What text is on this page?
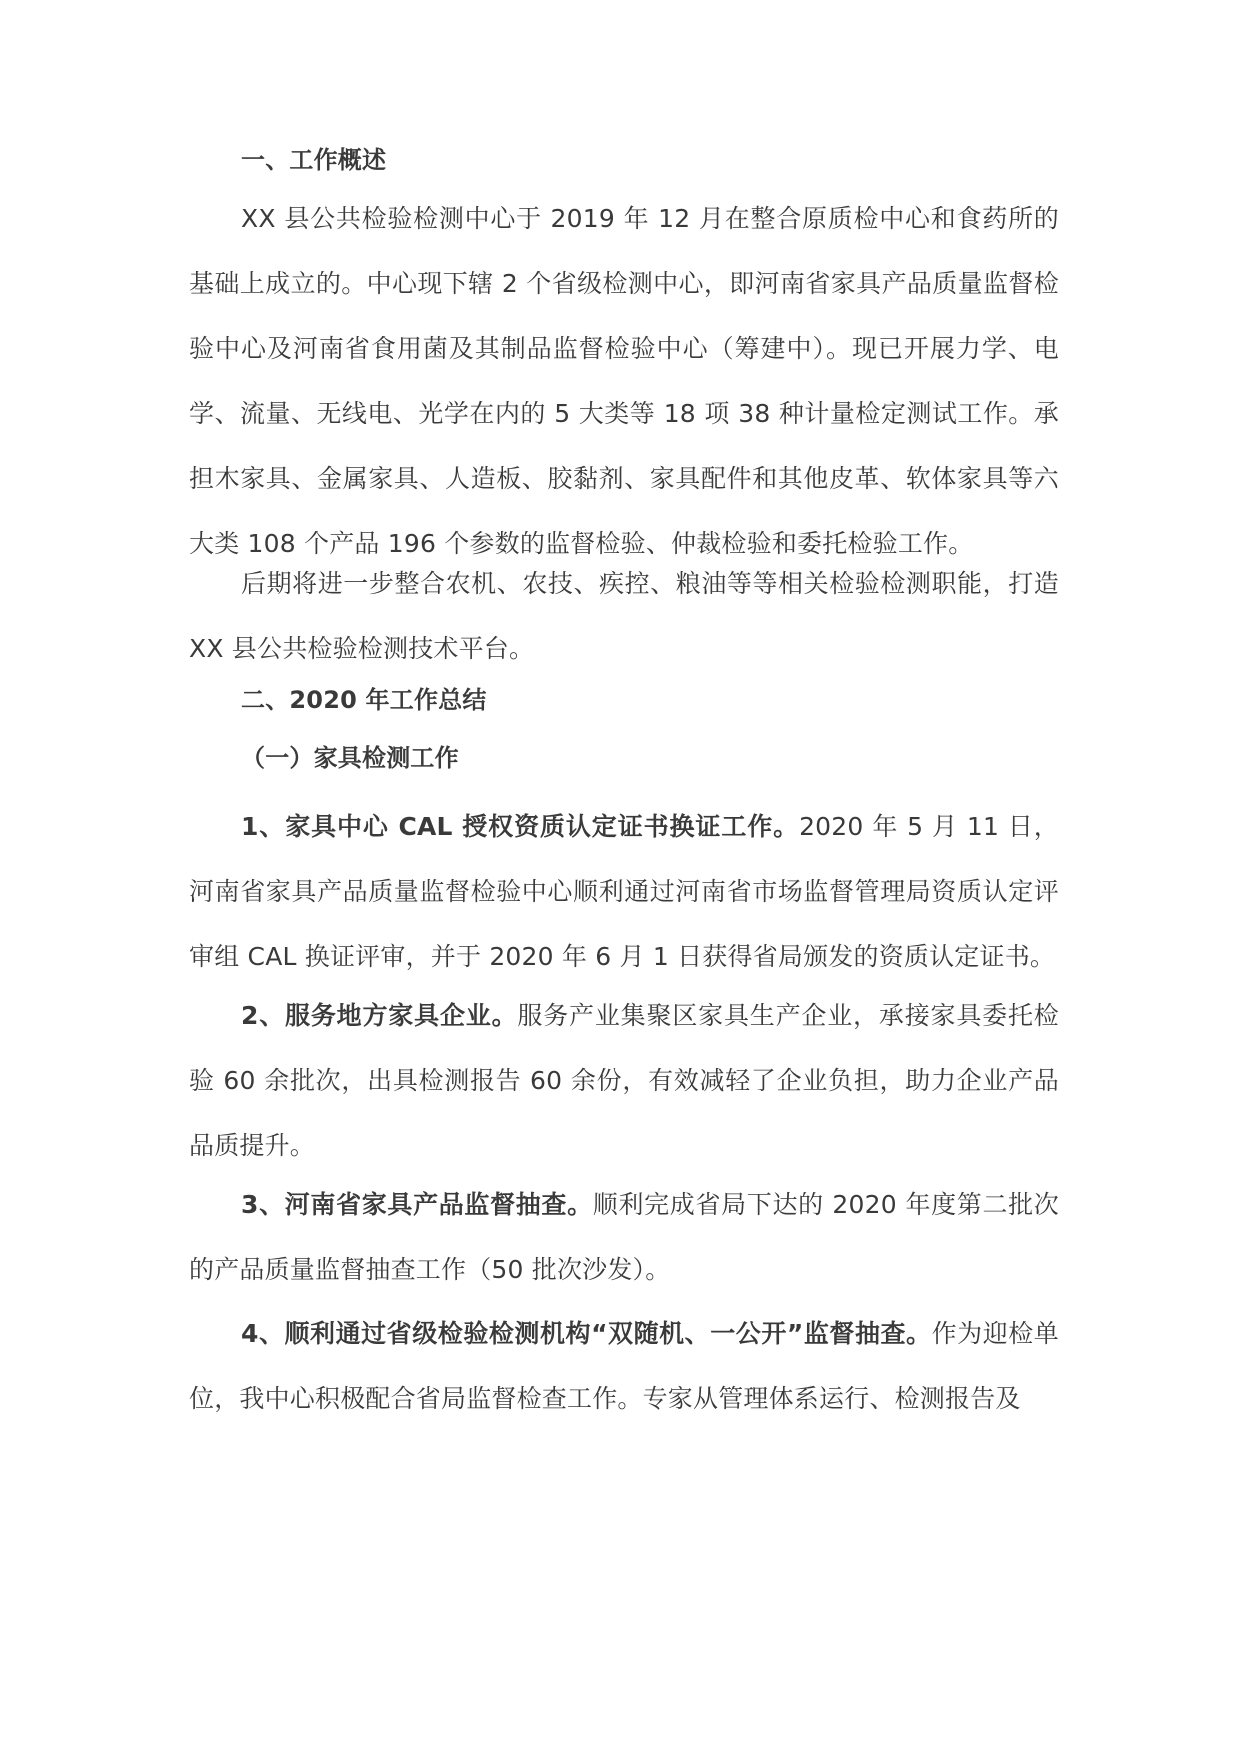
一、工作概述
XX 县公共检验检测中心于 2019 年 12 月在整合原质检中心和食药所的基础上成立的。中心现下辖 2 个省级检测中心，即河南省家具产品质量监督检验中心及河南省食用菌及其制品监督检验中心（筹建中）。现已开展力学、电学、流量、无线电、光学在内的 5 大类等 18 项 38 种计量检定测试工作。承担木家具、金属家具、人造板、胶黏剂、家具配件和其他皮革、软体家具等六大类 108 个产品 196 个参数的监督检验、仲裁检验和委托检验工作。
后期将进一步整合农机、农技、疾控、粮油等等相关检验检测职能，打造 XX 县公共检验检测技术平台。
二、2020 年工作总结
（一）家具检测工作
1、家具中心 CAL 授权资质认定证书换证工作。2020 年 5 月 11 日，河南省家具产品质量监督检验中心顺利通过河南省市场监督管理局资质认定评审组 CAL 换证评审，并于 2020 年 6 月 1 日获得省局颁发的资质认定证书。
2、服务地方家具企业。服务产业集聚区家具生产企业，承接家具委托检验 60 余批次，出具检测报告 60 余份，有效减轻了企业负担，助力企业产品品质提升。
3、河南省家具产品监督抽查。顺利完成省局下达的 2020 年度第二批次的产品质量监督抽查工作（50 批次沙发）。
4、顺利通过省级检验检测机构“双随机、一公开”监督抽查。作为迎检单位，我中心积极配合省局监督检查工作。专家从管理体系运行、检测报告及
